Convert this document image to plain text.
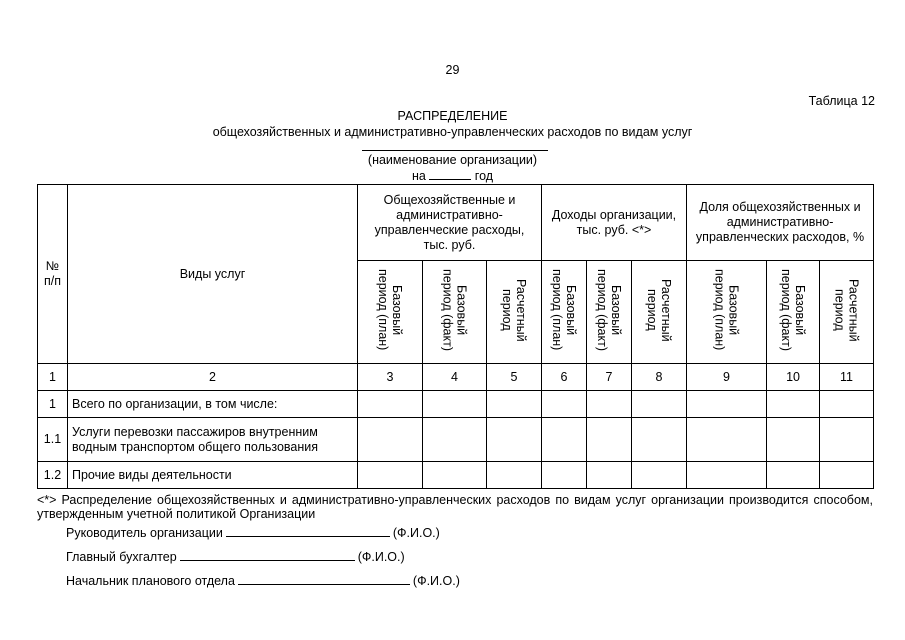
29
Таблица 12
РАСПРЕДЕЛЕНИЕ
общехозяйственных и административно-управленческих расходов по видам услуг
(наименование организации)
на	год
№
п/п	Виды услуг	Общехозяйственные и административно-управленческие расходы, тыс. руб.			Доходы организации, тыс. руб. <*>			Доля общехозяйственных и административно-управленческих расходов, %		
		Базовый период (план)	Базовый период (факт)	Расчетный период	Базовый период (план)	Базовый период (факт)	Расчетный период	Базовый период (план)	Базовый период (факт)	Расчетный период
1	2	3	4	5	6	7	8	9	10	11
1	Всего по организации, в том числе:									
1.1	Услуги перевозки пассажиров внутренним водным транспортом общего пользования									
1.2	Прочие виды деятельности									
<*> Распределение общехозяйственных и административно-управленческих расходов по видам услуг организации производится способом, утвержденным учетной политикой Организации
Руководитель организации	(Ф.И.О.)
Главный бухгалтер	(Ф.И.О.)
Начальник планового отдела	(Ф.И.О.)
